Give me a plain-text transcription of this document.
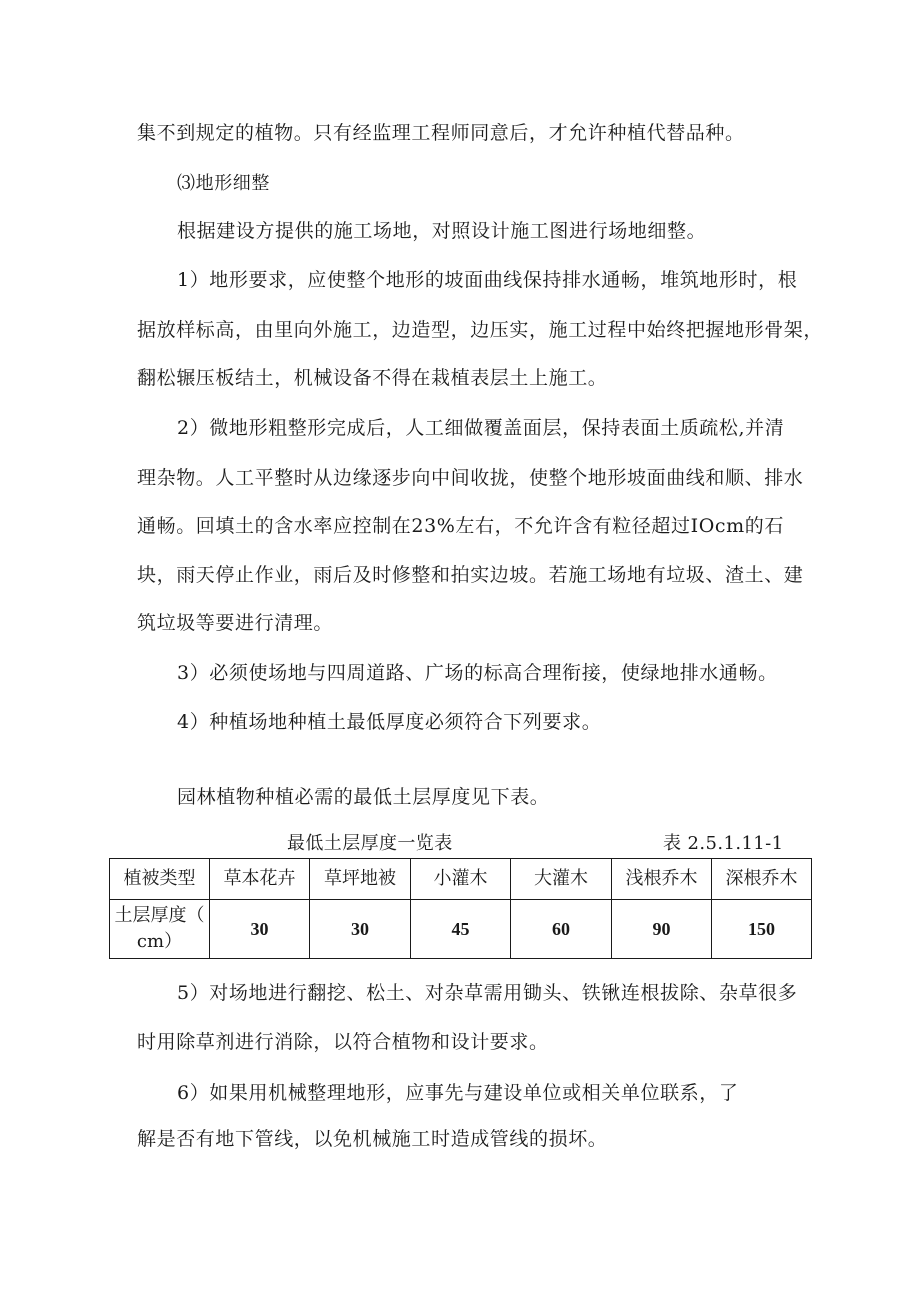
集不到规定的植物。只有经监理工程师同意后，才允许种植代替品种。
⑶地形细整
根据建设方提供的施工场地，对照设计施工图进行场地细整。
1）地形要求，应使整个地形的坡面曲线保持排水通畅，堆筑地形时，根
据放样标高，由里向外施工，边造型，边压实，施工过程中始终把握地形骨架，
翻松辗压板结土，机械设备不得在栽植表层土上施工。
2）微地形粗整形完成后，人工细做覆盖面层，保持表面土质疏松,并清
理杂物。人工平整时从边缘逐步向中间收拢，使整个地形坡面曲线和顺、排水
通畅。回填土的含水率应控制在23%左右，不允许含有粒径超过IOcm的石
块，雨天停止作业，雨后及时修整和拍实边坡。若施工场地有垃圾、渣土、建
筑垃圾等要进行清理。
3）必须使场地与四周道路、广场的标高合理衔接，使绿地排水通畅。
4）种植场地种植土最低厚度必须符合下列要求。
园林植物种植必需的最低土层厚度见下表。
最低土层厚度一览表	表 2.5.1.11-1
植被类型	草本花卉	草坪地被	小灌木	大灌木	浅根乔木	深根乔木
土层厚度（
cm）	30	30	45	60	90	150
5）对场地进行翻挖、松土、对杂草需用锄头、铁锹连根拔除、杂草很多
时用除草剂进行消除，以符合植物和设计要求。
6）如果用机械整理地形，应事先与建设单位或相关单位联系，了
解是否有地下管线，以免机械施工时造成管线的损坏。
